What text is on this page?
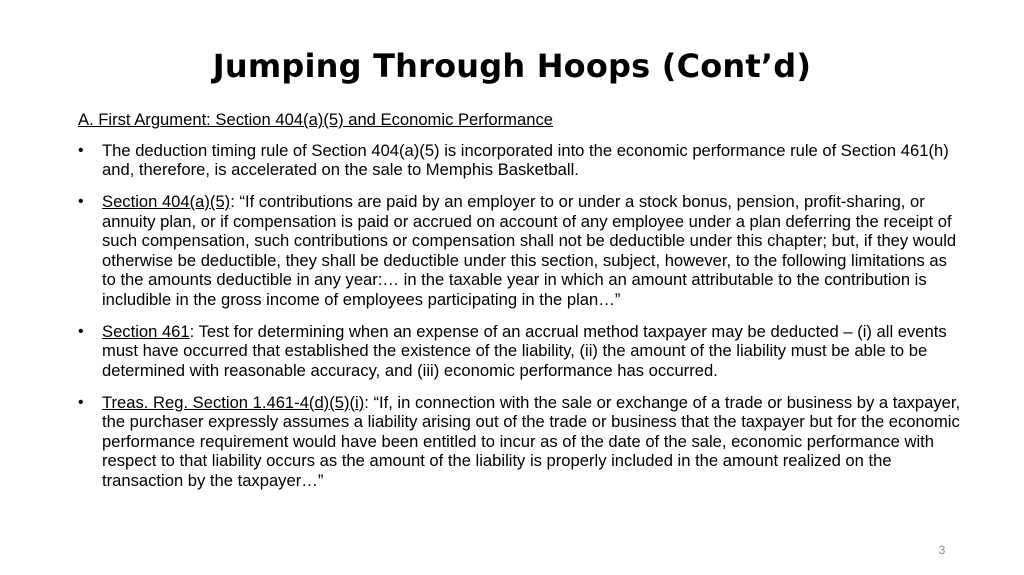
Jumping Through Hoops (Cont’d)
A. First Argument: Section 404(a)(5) and Economic Performance
• The deduction timing rule of Section 404(a)(5) is incorporated into the economic performance rule of Section 461(h) and, therefore, is accelerated on the sale to Memphis Basketball.
• Section 404(a)(5): “If contributions are paid by an employer to or under a stock bonus, pension, profit-sharing, or annuity plan, or if compensation is paid or accrued on account of any employee under a plan deferring the receipt of such compensation, such contributions or compensation shall not be deductible under this chapter; but, if they would otherwise be deductible, they shall be deductible under this section, subject, however, to the following limitations as to the amounts deductible in any year:… in the taxable year in which an amount attributable to the contribution is includible in the gross income of employees participating in the plan…”
• Section 461: Test for determining when an expense of an accrual method taxpayer may be deducted – (i) all events must have occurred that established the existence of the liability, (ii) the amount of the liability must be able to be determined with reasonable accuracy, and (iii) economic performance has occurred.
• Treas. Reg. Section 1.461-4(d)(5)(i): “If, in connection with the sale or exchange of a trade or business by a taxpayer, the purchaser expressly assumes a liability arising out of the trade or business that the taxpayer but for the economic performance requirement would have been entitled to incur as of the date of the sale, economic performance with respect to that liability occurs as the amount of the liability is properly included in the amount realized on the transaction by the taxpayer…”
3
